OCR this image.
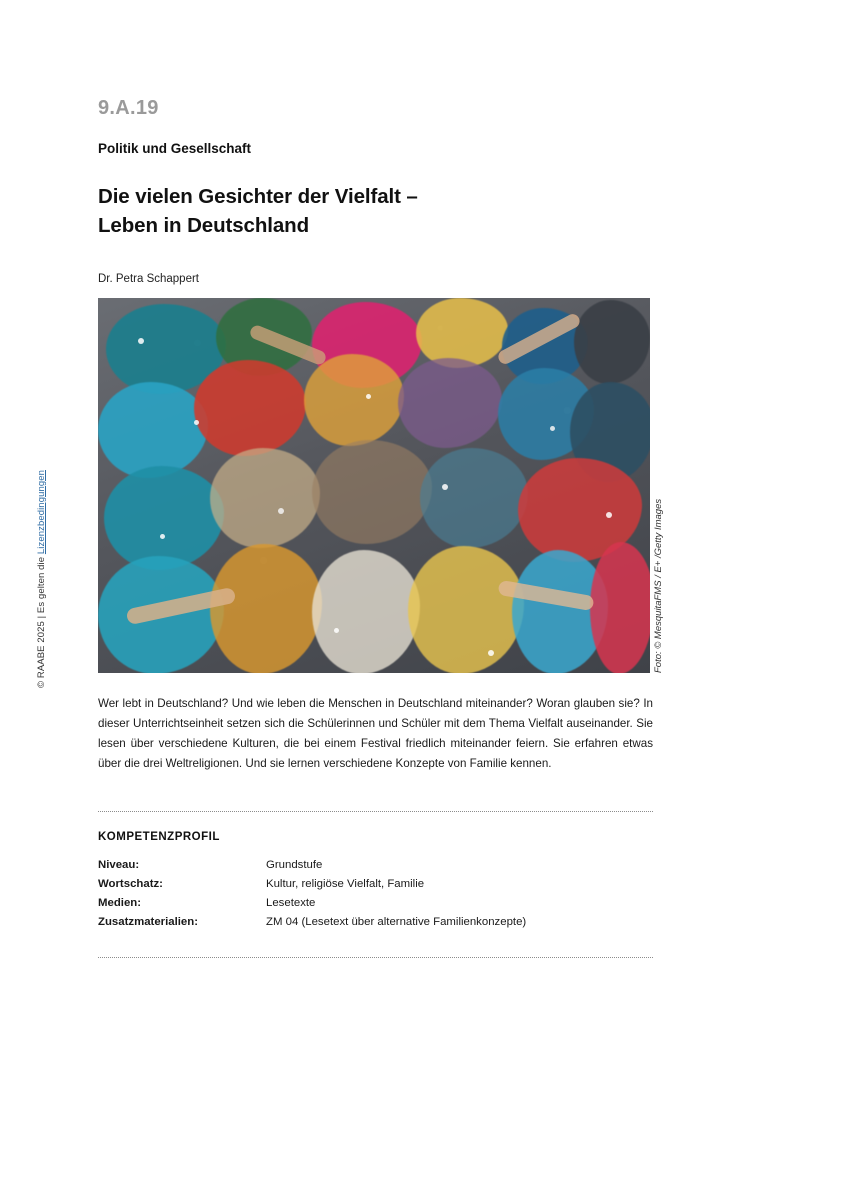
© RAABE 2025 | Es gelten die Lizenzbedingungen
9.A.19
Politik und Gesellschaft
Die vielen Gesichter der Vielfalt –
Leben in Deutschland
Dr. Petra Schappert
Foto: © MesquitaFMS / E+ /Getty Images

Wer lebt in Deutschland? Und wie leben die Menschen in Deutschland miteinander? Woran glauben sie? In dieser Unterrichtseinheit setzen sich die Schülerinnen und Schüler mit dem Thema Vielfalt auseinander. Sie lesen über verschiedene Kulturen, die bei einem Festival friedlich miteinander feiern. Sie erfahren etwas über die drei Weltreligionen. Und sie lernen verschiedene Konzepte von Familie kennen.

KOMPETENZPROFIL
Niveau:	Grundstufe
Wortschatz:	Kultur, religiöse Vielfalt, Familie
Medien:	Lesetexte
Zusatzmaterialien:	ZM 04 (Lesetext über alternative Familienkonzepte)
